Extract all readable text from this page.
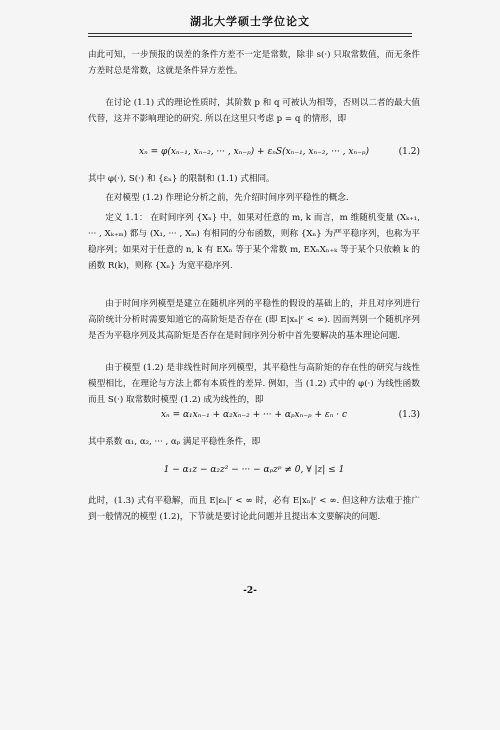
湖北大学硕士学位论文
由此可知，一步预报的误差的条件方差不一定是常数，除非 s(·) 只取常数值，而无条件方差时总是常数，这就是条件异方差性。
在讨论 (1.1) 式的理论性质时，其阶数 p 和 q 可被认为相等，否则以二者的最大值代替，这并不影响理论的研究. 所以在这里只考虑 p = q 的情形，即
xₙ = φ(xₙ₋₁, xₙ₋₂, ··· , xₙ₋ₚ) + εₙS(xₙ₋₁, xₙ₋₂, ··· , xₙ₋ₚ)	(1.2)
其中 φ(·), S(·) 和 {εₙ} 的限制和 (1.1) 式相同。
在对模型 (1.2) 作理论分析之前，先介绍时间序列平稳性的概念.
定义 1.1： 在时间序列 {Xₙ} 中，如果对任意的 m, k 而言，m 维随机变量 (Xₖ₊₁, ··· , Xₖ₊ₘ) 都与 (X₁, ··· , Xₘ) 有相同的分布函数，则称 {Xₙ} 为严平稳序列，也称为平稳序列；如果对于任意的 n, k 有 EXₙ 等于某个常数 m, EXₙXₙ₊ₖ 等于某个只依赖 k 的函数 R(k)，则称 {Xₙ} 为宽平稳序列.
由于时间序列模型是建立在随机序列的平稳性的假设的基础上的，并且对序列进行高阶统计分析时需要知道它的高阶矩是否存在 (即 E|xₙ|ʳ < ∞). 因而判别一个随机序列是否为平稳序列及其高阶矩是否存在是时间序列分析中首先要解决的基本理论问题.
由于模型 (1.2) 是非线性时间序列模型，其平稳性与高阶矩的存在性的研究与线性模型相比，在理论与方法上都有本质性的差异. 例如，当 (1.2) 式中的 φ(·) 为线性函数而且 S(·) 取常数时模型 (1.2) 成为线性的，即
xₙ = α₁xₙ₋₁ + α₂xₙ₋₂ + ··· + αₚxₙ₋ₚ + εₙ · c	(1.3)
其中系数 α₁, α₂, ··· , αₚ 满足平稳性条件，即
1 − α₁z − α₂z² − ··· − αₚzᵖ ≠ 0, ∀ |z| ≤ 1
此时，(1.3) 式有平稳解，而且 E|εₙ|ʳ < ∞ 时，必有 E|xₙ|ʳ < ∞. 但这种方法难于推广到一般情况的模型 (1.2)，下节就是要讨论此问题并且提出本文要解决的问题.
-2-
